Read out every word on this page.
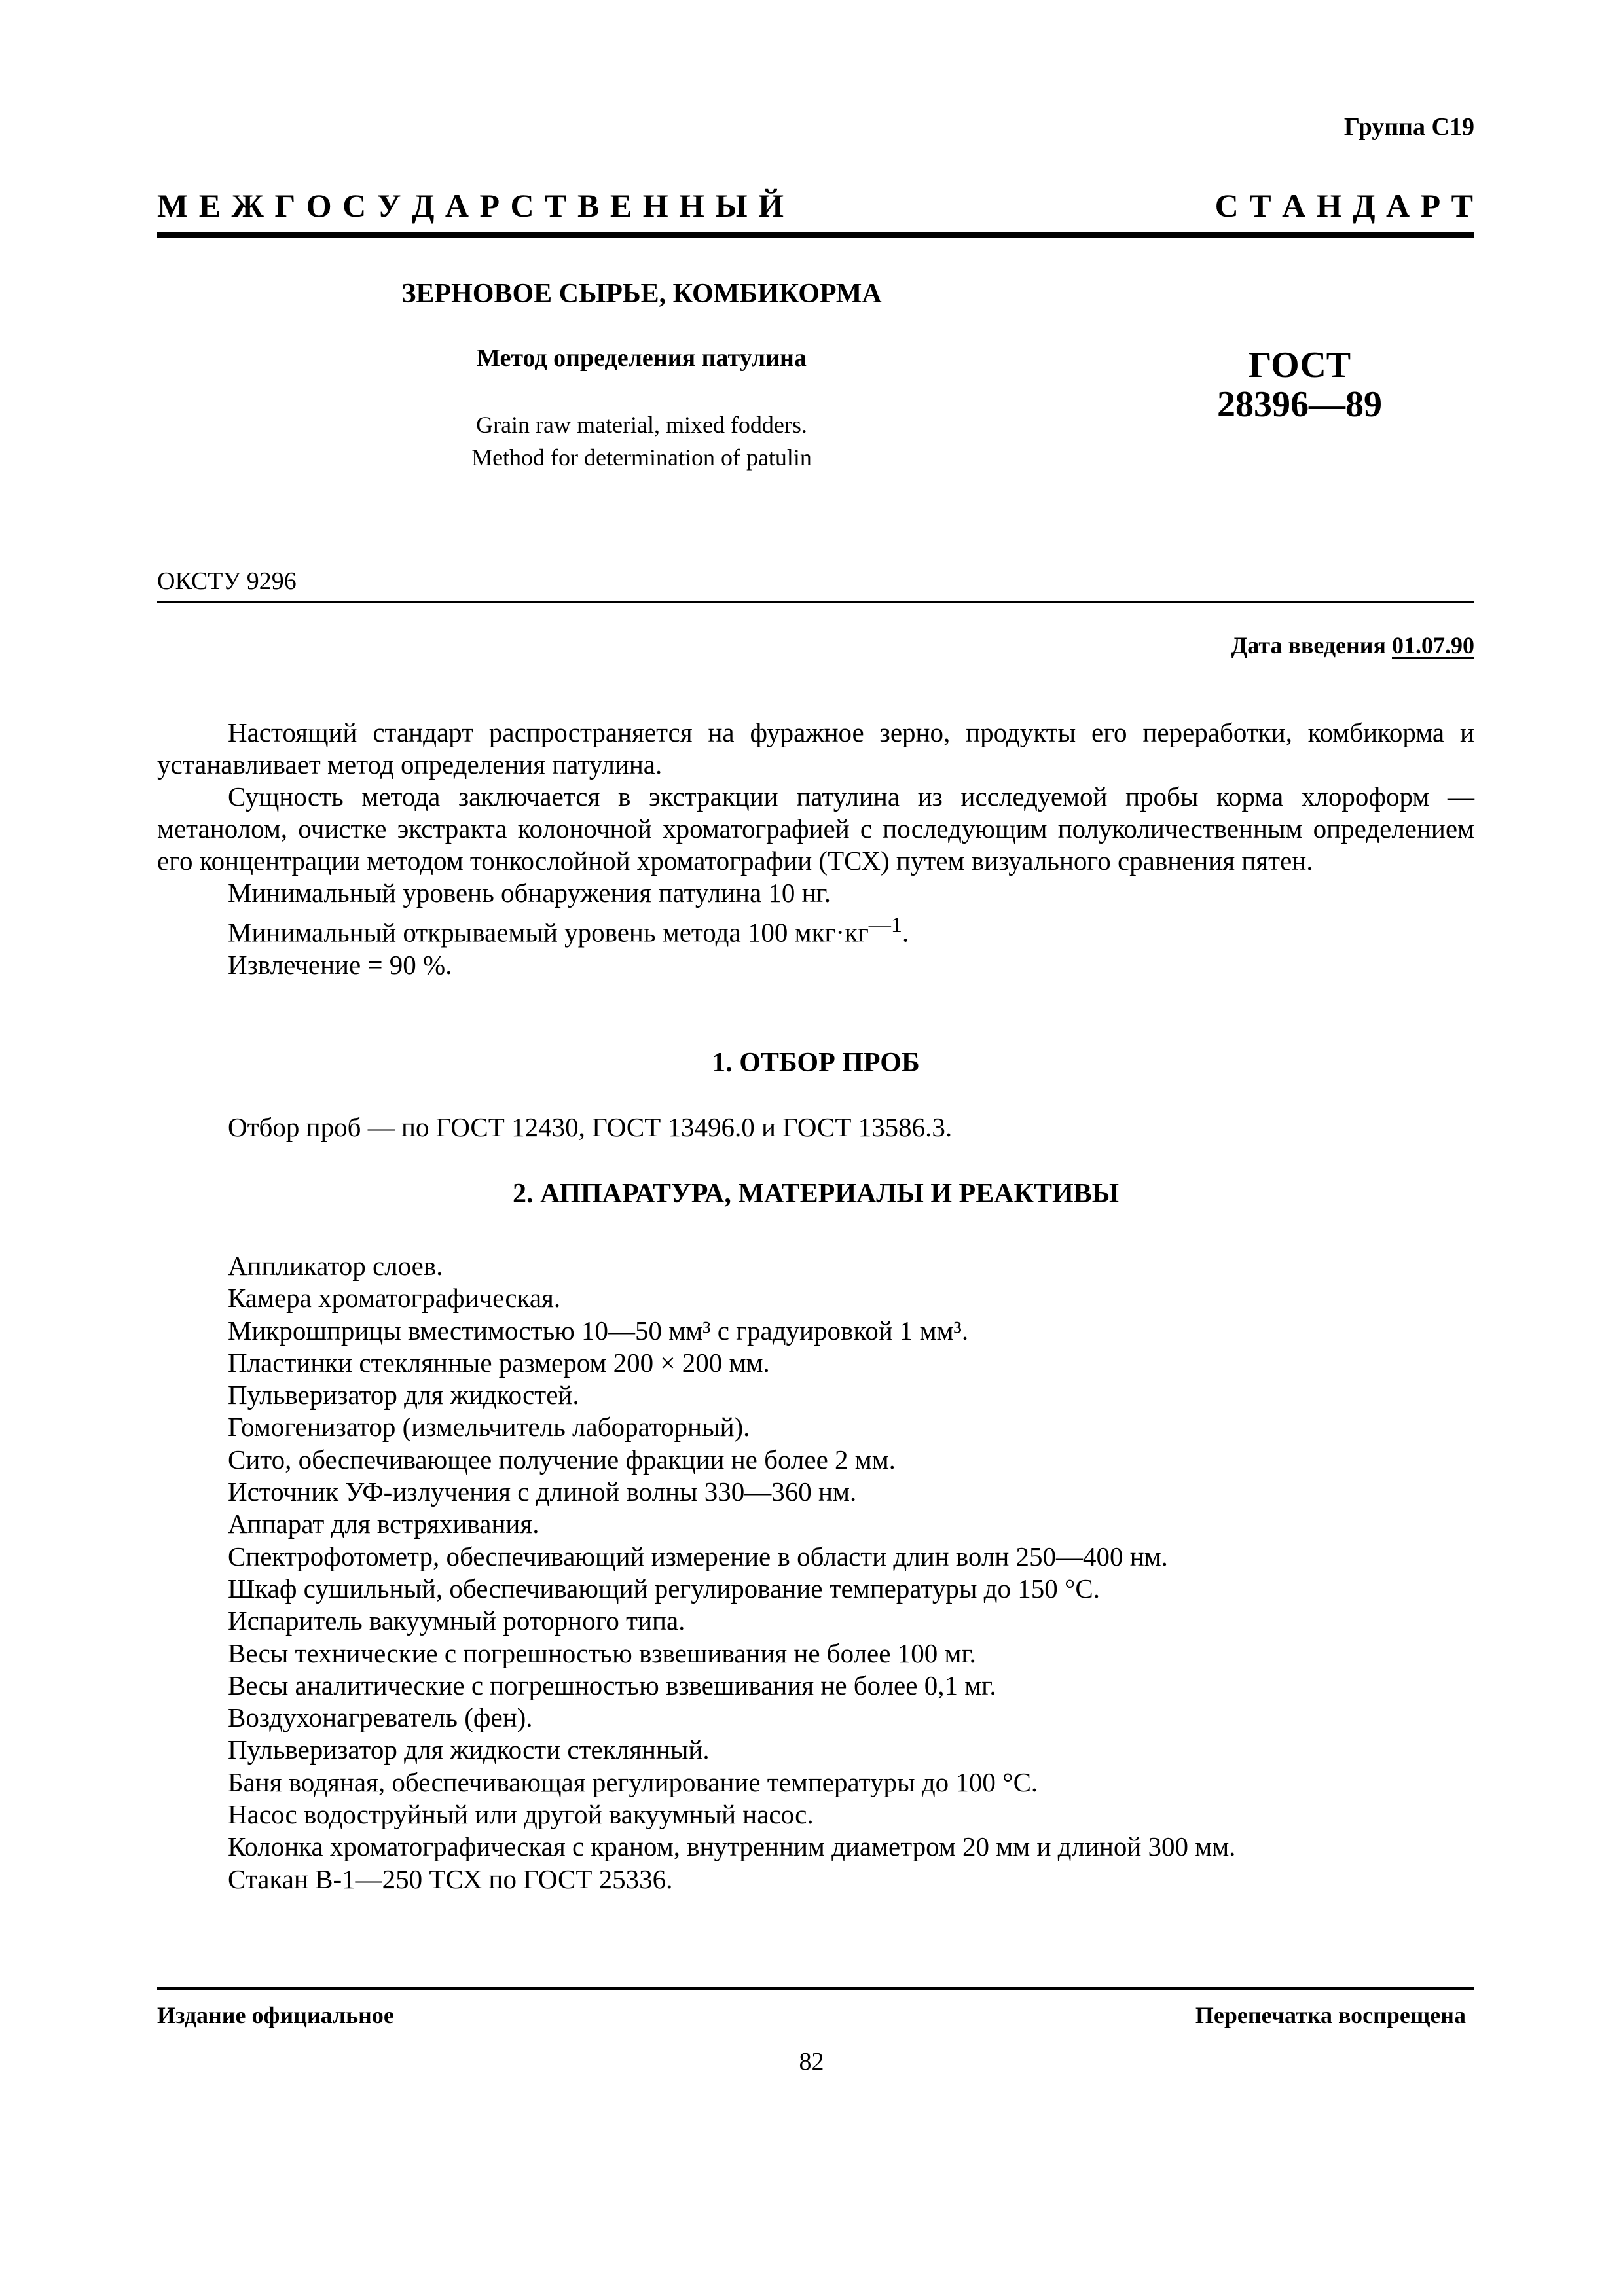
Группа С19
М Е Ж Г О С У Д А Р С Т В Е Н Н Ы Й	С Т А Н Д А Р Т

ЗЕРНОВОЕ СЫРЬЕ, КОМБИКОРМА

Метод определения патулина

Grain raw material, mixed fodders.

Method for determination of patulin

ГОСТ
28396—89
ОКСТУ 9296
Дата введения 01.07.90

Настоящий стандарт распространяется на фуражное зерно, продукты его переработки, комбикорма и устанавливает метод определения патулина.

Сущность метода заключается в экстракции патулина из исследуемой пробы корма хлороформ — метанолом, очистке экстракта колоночной хроматографией с последующим полуколичественным определением его концентрации методом тонкослойной хроматографии (ТСХ) путем визуального сравнения пятен.

Минимальный уровень обнаружения патулина 10 нг.

Минимальный открываемый уровень метода 100 $мкг\cdot кг^{—1}$.

Извлечение = 90 %.

1. ОТБОР ПРОБ
Отбор проб — по ГОСТ 12430, ГОСТ 13496.0 и ГОСТ 13586.3.
2. АППАРАТУРА, МАТЕРИАЛЫ И РЕАКТИВЫ
Аппликатор слоев.
Камера хроматографическая.
Микрошприцы вместимостью 10—50 мм³ с градуировкой 1 мм³.
Пластинки стеклянные размером 200 × 200 мм.
Пульверизатор для жидкостей.
Гомогенизатор (измельчитель лабораторный).
Сито, обеспечивающее получение фракции не более 2 мм.
Источник УФ-излучения с длиной волны 330—360 нм.
Аппарат для встряхивания.
Спектрофотометр, обеспечивающий измерение в области длин волн 250—400 нм.
Шкаф сушильный, обеспечивающий регулирование температуры до 150 °С.
Испаритель вакуумный роторного типа.
Весы технические с погрешностью взвешивания не более 100 мг.
Весы аналитические с погрешностью взвешивания не более 0,1 мг.
Воздухонагреватель (фен).
Пульверизатор для жидкости стеклянный.
Баня водяная, обеспечивающая регулирование температуры до 100 °С.
Насос водоструйный или другой вакуумный насос.
Колонка хроматографическая с краном, внутренним диаметром 20 мм и длиной 300 мм.
Стакан В-1—250 ТСХ по ГОСТ 25336.
Издание официальное	Перепечатка воспрещена
82
